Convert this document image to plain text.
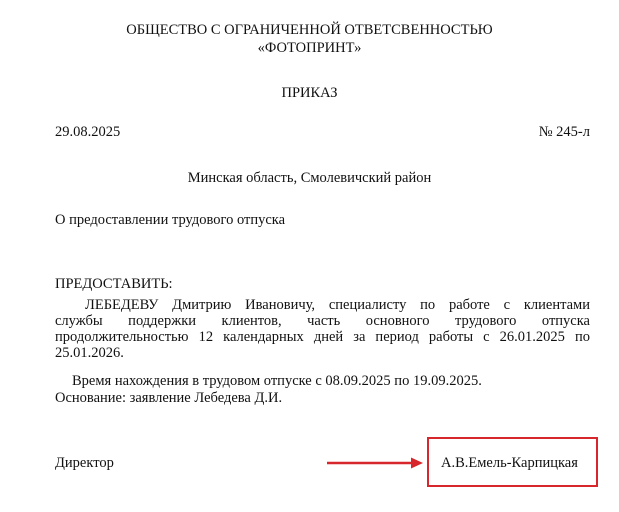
ОБЩЕСТВО С ОГРАНИЧЕННОЙ ОТВЕТСВЕННОСТЬЮ
«ФОТОПРИНТ»
ПРИКАЗ
29.08.2025	№ 245-л
Минская область, Смолевичский район
О предоставлении трудового отпуска
ПРЕДОСТАВИТЬ:

ЛЕБЕДЕВУ Дмитрию Ивановичу, специалисту по работе с клиентами

службы поддержки клиентов, часть основного трудового отпуска

продолжительностью 12 календарных дней за период работы с 26.01.2025 по

25.01.2026.

Время нахождения в трудовом отпуске с 08.09.2025 по 19.09.2025.
Основание: заявление Лебедева Д.И.
Директор	А.В.Емель-Карпицкая
